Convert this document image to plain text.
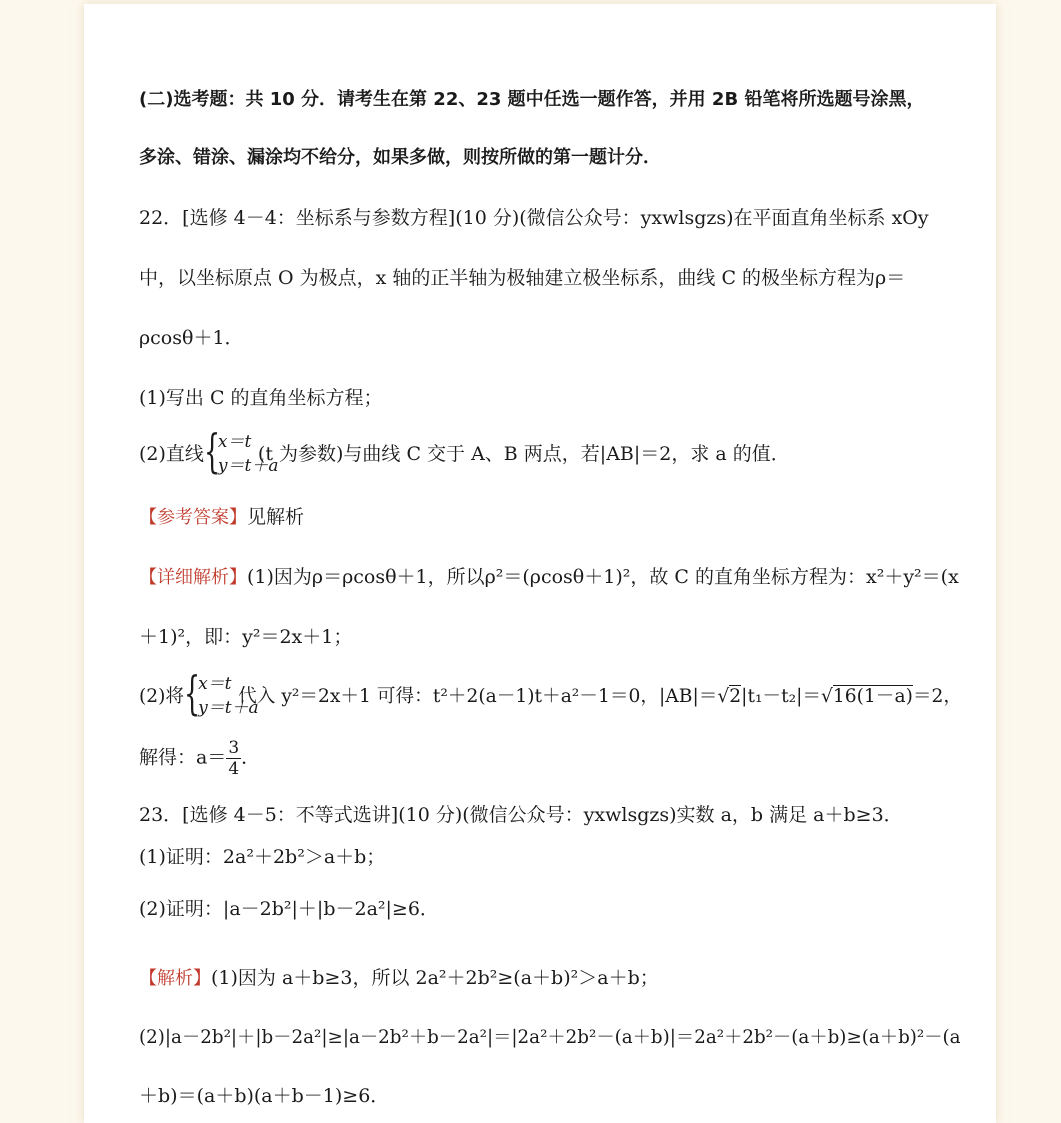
(二)选考题：共 10 分．请考生在第 22、23 题中任选一题作答，并用 2B 铅笔将所选题号涂黑，
多涂、错涂、漏涂均不给分，如果多做，则按所做的第一题计分．
22．[选修 4－4：坐标系与参数方程](10 分)(微信公众号：yxwlsgzs)在平面直角坐标系 xOy
中，以坐标原点 O 为极点，x 轴的正半轴为极轴建立极坐标系，曲线 C 的极坐标方程为ρ＝
ρcosθ＋1．
(1)写出 C 的直角坐标方程；
(2)直线 {
x＝t
y＝t＋a
(t 为参数)与曲线 C 交于 A、B 两点，若|AB|＝2，求 a 的值．
【参考答案】见解析
【详细解析】(1)因为ρ＝ρcosθ＋1，所以ρ²＝(ρcosθ＋1)²，故 C 的直角坐标方程为：x²＋y²＝(x
＋1)²，即：y²＝2x＋1；
(2)将 {
x＝t
y＝t＋a
代入 y²＝2x＋1 可得：t²＋2(a－1)t＋a²－1＝0，|AB|＝√2|t₁－t₂|＝√16(1－a)＝2，
解得：$a= \frac{3}{4}$ ．
23．[选修 4－5：不等式选讲](10 分)(微信公众号：yxwlsgzs)实数 a，b 满足 a＋b≥3．
(1)证明：2a²＋2b²＞a＋b；
(2)证明：|a－2b²|＋|b－2a²|≥6．
【解析】(1)因为 a＋b≥3，所以 2a²＋2b²≥(a＋b)²＞a＋b；
(2)|a－2b²|＋|b－2a²|≥|a－2b²＋b－2a²|＝|2a²＋2b²－(a＋b)|＝2a²＋2b²－(a＋b)≥(a＋b)²－(a
＋b)＝(a＋b)(a＋b－1)≥6．
